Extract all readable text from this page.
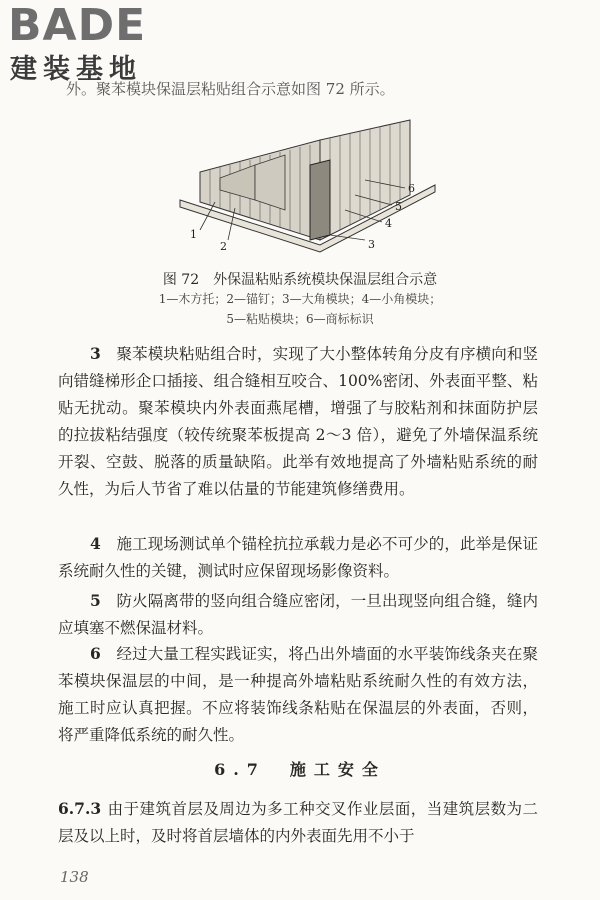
BADE
建装基地
外。聚苯模块保温层粘贴组合示意如图 72 所示。
1
2	3
4
5
6
图 72　外保温粘贴系统模块保温层组合示意
1—木方托；2—锚钉；3—大角模块；4—小角模块；
5—粘贴模块；6—商标标识
3　 聚苯模块粘贴组合时，实现了大小整体转角分皮有序横向和竖向错缝梯形企口插接、组合缝相互咬合、100%密闭、外表面平整、粘贴无扰动。聚苯模块内外表面燕尾槽，增强了与胶粘剂和抹面防护层的拉拔粘结强度（较传统聚苯板提高 2～3 倍），避免了外墙保温系统开裂、空鼓、脱落的质量缺陷。此举有效地提高了外墙粘贴系统的耐久性，为后人节省了难以估量的节能建筑修缮费用。
4　 施工现场测试单个锚栓抗拉承载力是必不可少的，此举是保证系统耐久性的关键，测试时应保留现场影像资料。
5　 防火隔离带的竖向组合缝应密闭，一旦出现竖向组合缝，缝内应填塞不燃保温材料。
6　 经过大量工程实践证实，将凸出外墙面的水平装饰线条夹在聚苯模块保温层的中间，是一种提高外墙粘贴系统耐久性的有效方法，施工时应认真把握。不应将装饰线条粘贴在保温层的外表面，否则，将严重降低系统的耐久性。
6.7　施工安全
6.7.3 由于建筑首层及周边为多工种交叉作业层面，当建筑层数为二层及以上时，及时将首层墙体的内外表面先用不小于
138
